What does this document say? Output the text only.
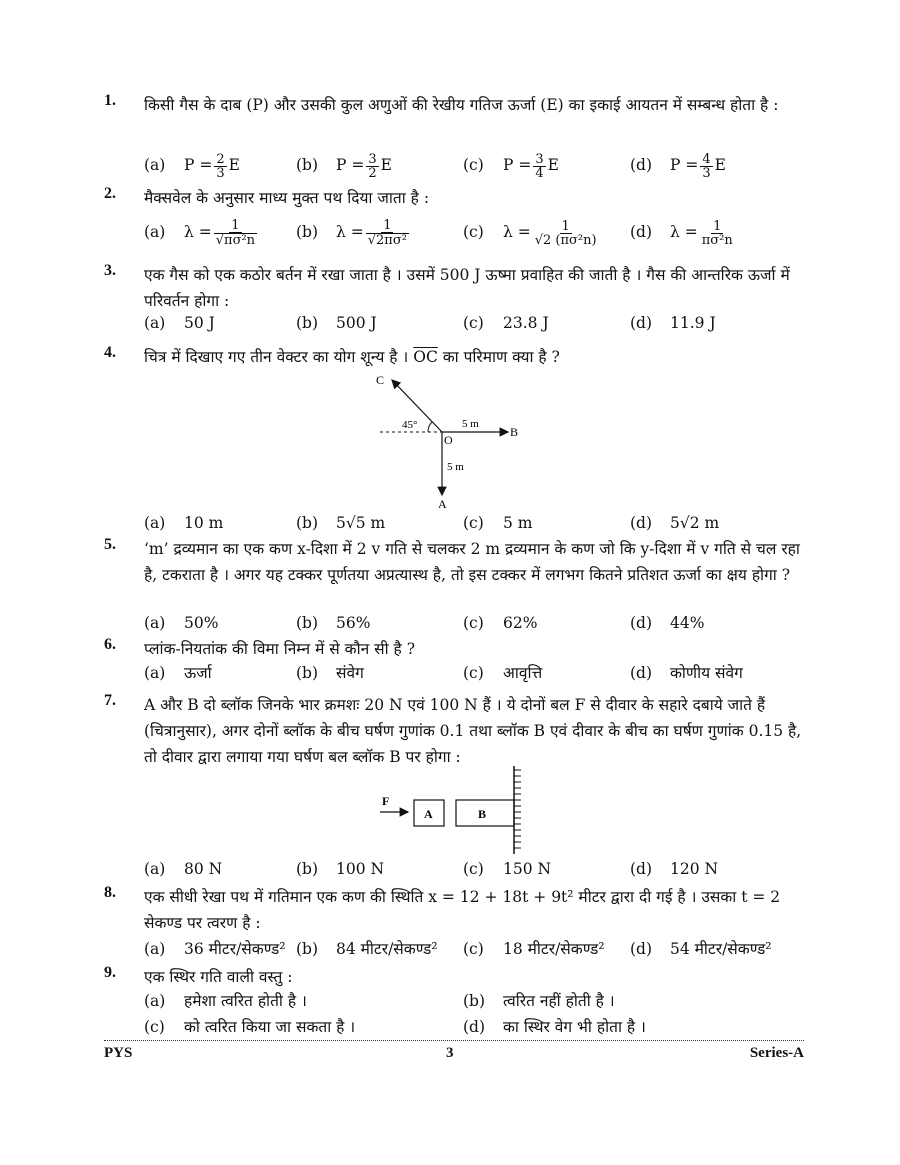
1.	किसी गैस के दाब (P) और उसकी कुल अणुओं की रेखीय गतिज ऊर्जा (E) का इकाई आयतन में सम्बन्ध होता है :
(a) $P = \frac{2}{3}$ E	(b) $P = \frac{3}{2}$ E	(c) $P = \frac{3}{4}$ E	(d) $P = \frac{4}{3}$ E
2.	मैक्सवेल के अनुसार माध्य मुक्त पथ दिया जाता है :
(a) $\lambda = \frac{1}{\text{√πσ²n}}$	(b) $\lambda = \frac{1}{\text{√2πσ²}}$	(c) $\lambda = \frac{1}{\text{√2 (πσ²n)}} (d) \lambda = \frac{1}{\text{πσ²n}}$
3.	एक गैस को एक कठोर बर्तन में रखा जाता है । उसमें 500 J ऊष्मा प्रवाहित की जाती है । गैस की आन्तरिक ऊर्जा में परिवर्तन होगा :
(a) 50 J	(b) 500 J	(c) 23.8 J	(d) 11.9 J
4.	चित्र में दिखाए गए तीन वेक्टर का योग शून्य है । $\overline{OC}$ का परिमाण क्या है ?
C
B
A
O
45°	5 m
5 m
(a) 10 m	(b) 5√5 m	(c) 5 m	(d) 5√2 m
5.	‘m’ द्रव्यमान का एक कण x-दिशा में 2 v गति से चलकर 2 m द्रव्यमान के कण जो कि y-दिशा में v गति से चल रहा है, टकराता है । अगर यह टक्कर पूर्णतया अप्रत्यास्थ है, तो इस टक्कर में लगभग कितने प्रतिशत ऊर्जा का क्षय होगा ?
(a) 50%	(b) 56%	(c) 62%	(d) 44%
6.	प्लांक-नियतांक की विमा निम्न में से कौन सी है ?
(a) ऊर्जा	(b) संवेग	(c) आवृत्ति	(d) कोणीय संवेग
7.	A और B दो ब्लॉक जिनके भार क्रमशः 20 N एवं 100 N हैं । ये दोनों बल F से दीवार के सहारे दबाये जाते हैं (चित्रानुसार), अगर दोनों ब्लॉक के बीच घर्षण गुणांक 0.1 तथा ब्लॉक B एवं दीवार के बीच का घर्षण गुणांक 0.15 है, तो दीवार द्वारा लगाया गया घर्षण बल ब्लॉक B पर होगा :
F
A	B
(a) 80 N	(b) 100 N	(c) 150 N	(d) 120 N
8.	एक सीधी रेखा पथ में गतिमान एक कण की स्थिति x = 12 + 18t + 9t² मीटर द्वारा दी गई है । उसका t = 2 सेकण्ड पर त्वरण है :
(a) 36 मीटर/सेकण्ड² (b) 84 मीटर/सेकण्ड² (c) 18 मीटर/सेकण्ड² (d) 54 मीटर/सेकण्ड²
9.	एक स्थिर गति वाली वस्तु :
(a) हमेशा त्वरित होती है ।	(b) त्वरित नहीं होती है ।
(c) को त्वरित किया जा सकता है ।	(d) का स्थिर वेग भी होता है ।
PYS	3	Series-A
